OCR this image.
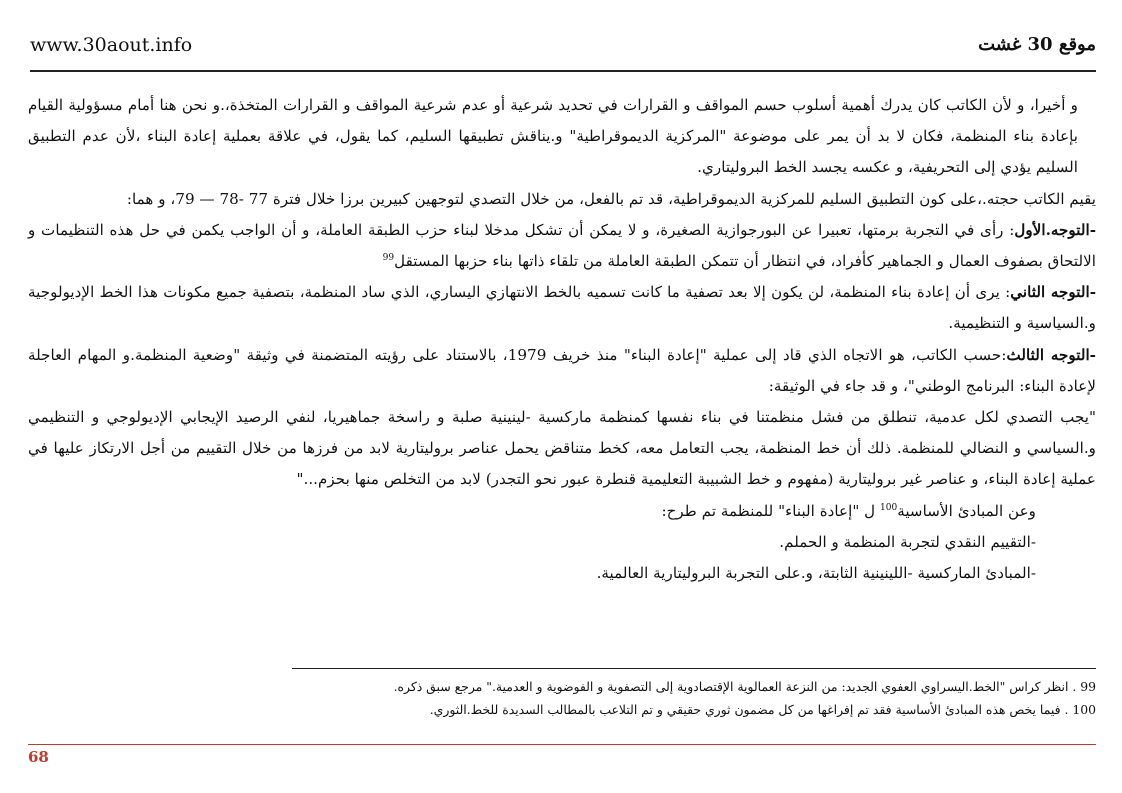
www.30aout.info	موقع 30 غشت

و أخيرا، و لأن الكاتب كان يدرك أهمية أسلوب حسم المواقف و القرارات في تحديد شرعية أو عدم شرعية المواقف و القرارات المتخذة،.و نحن هنا أمام مسؤولية القيام بإعادة بناء المنظمة، فكان لا بد أن يمر على موضوعة "المركزية الديموقراطية" و.يناقش تطبيقها السليم، كما يقول، في علاقة بعملية إعادة البناء ،لأن عدم التطبيق السليم يؤدي إلى التحريفية، و عكسه يجسد الخط البروليتاري.

يقيم الكاتب حجته.،على كون التطبيق السليم للمركزية الديموقراطية، قد تم بالفعل، من خلال التصدي لتوجهين كبيرين برزا خلال فترة 77 -78 — 79، و هما:

-التوجه.الأول: رأى في التجربة برمتها، تعبيرا عن البورجوازية الصغيرة، و لا يمكن أن تشكل مدخلا لبناء حزب الطبقة العاملة، و أن الواجب يكمن في حل هذه التنظيمات و الالتحاق بصفوف العمال و الجماهير كأفراد، في انتظار أن تتمكن الطبقة العاملة من تلقاء ذاتها بناء حزبها المستقل$^{99}$

-التوجه الثاني: يرى أن إعادة بناء المنظمة، لن يكون إلا بعد تصفية ما كانت تسميه بالخط الانتهازي اليساري، الذي ساد المنظمة، بتصفية جميع مكونات هذا الخط الإديولوجية و.السياسية و التنظيمية.

-التوجه الثالث:حسب الكاتب، هو الاتجاه الذي قاد إلى عملية "إعادة البناء" منذ خريف 1979، بالاستناد على رؤيته المتضمنة في وثيقة "وضعية المنظمة.و المهام العاجلة لإعادة البناء: البرنامج الوطني"، و قد جاء في الوثيقة:

"يجب التصدي لكل عدمية، تنطلق من فشل منظمتنا في بناء نفسها كمنظمة ماركسية -لينينية صلبة و راسخة جماهيريا، لنفي الرصيد الإيجابي الإديولوجي و التنظيمي و.السياسي و النضالي للمنظمة. ذلك أن خط المنظمة، يجب التعامل معه، كخط متناقض يحمل عناصر بروليتارية لابد من فرزها من خلال التقييم من أجل الارتكاز عليها في عملية إعادة البناء، و عناصر غير بروليتارية (مفهوم و خط الشبيبة التعليمية قنطرة عبور نحو التجدر) لابد من التخلص منها بحزم..."

وعن المبادئ الأساسية$^{100}$ ل "إعادة البناء" للمنظمة تم طرح:

-التقييم النقدي لتجربة المنظمة و الحملم.

-المبادئ الماركسية -اللينينية الثابتة، و.على التجربة البروليتارية العالمية.

99 . انظر كراس "الخط.اليسراوي العفوي الجديد: من النزعة العمالوية الإقتصادوية إلى التصفوية و الفوضوية و العدمية." مرجع سبق ذكره.

100 . فيما يخص هذه المبادئ الأساسية فقد تم إفراغها من كل مضمون ثوري حقيقي و تم التلاعب بالمطالب السديدة للخط.الثوري.

68
